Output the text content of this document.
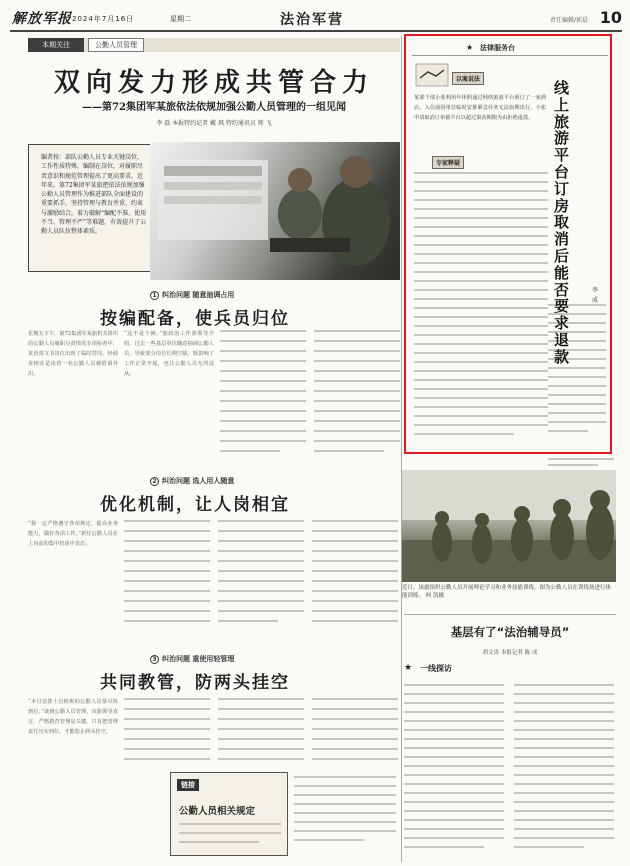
解放军报 2024年7月16日	星期二	法治军营	责任编辑/郭晨 10
本期关注	公勤人员管理
双向发力形成共管合力
——第72集团军某旅依法依规加强公勤人员管理的一组见闻
李 磊 本报特约记者 戴 飒 特约通讯员 师 飞
编者按：部队公勤人员专业关键岗位，工作性质特殊，编制在岗位，对履职尽责意识和规范管理提出了更高要求。近年来，第72集团军某旅把依法依规加强公勤人员管理作为推进部队全面建设的重要抓手，坚持管理与教育并重、约束与激励结合，着力破解“编配不准、使用不当、管理不严”等难题，有效提升了公勤人员队伍整体素质。
1 纠治问题 随意抽调占用
按编配备，使兵员归位
星期五下午，第72集团军某旅机关组织的公勤人员履职尽责情况专项检查中，某营部文书岗位出现了临时替岗，经调查核实是该营一名公勤人员被借调外出。
“这不是个例。”旅政治工作部领导介绍，过去一些基层单位随意抽调公勤人员，导致部分岗位长期空缺，既影响了工作正常开展，也让公勤人员无所适从。
2 纠治问题 选人用人随意
优化机制，让人岗相宜
“我一定严格遵守各项规定，提高业务能力，做好各项工作。”新任公勤人员在上岗前的集中培训中表态。
3 纠治问题 重使用轻管理
共同教管，防两头挂空
“本月安排士官值班的公勤人员要尽快到位。”谈到公勤人员管理，该旅领导直言，严格教育管理是关键，只有把管理责任压实到位，才能防止两头挂空。
链接
公勤人员相关规定
★ 法律服务台
以案说法
某部干部小张利用年休假通过网络旅游平台预订了一家酒店，入住前因单位临时安排紧急任务无法如期出行，小张申请取消订单被平台以超过取消期限为由拒绝退款。
专家释疑
线上旅游平台订房取消后能否要求退款
李 成
近日，该旅组织公勤人员开展理论学习和业务技能训练，图为公勤人员在训练场进行体能训练。 柯 凯摄
基层有了“法治辅导员”
胡文涛 本报记者 陈 成
★ 一线探访
